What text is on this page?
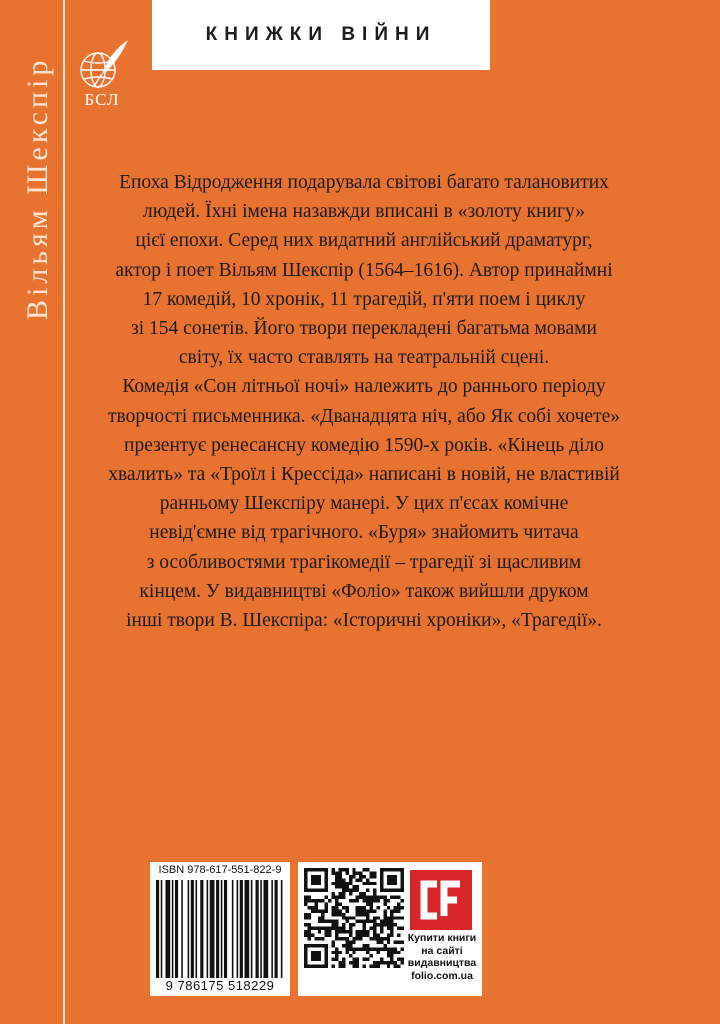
Вільям Шекспір БСЛ
КНИЖКИ ВІЙНИ

Епоха Відродження подарувала світові багато талановитих
людей. Їхні імена назавжди вписані в «золоту книгу»
цієї епохи. Серед них видатний англійський драматург,
актор і поет Вільям Шекспір (1564–1616). Автор принаймні
17 комедій, 10 хронік, 11 трагедій, п'яти поем і циклу
зі 154 сонетів. Його твори перекладені багатьма мовами
світу, їх часто ставлять на театральній сцені.
Комедія «Сон літньої ночі» належить до раннього періоду
творчості письменника. «Дванадцята ніч, або Як собі хочете»
презентує ренесансну комедію 1590-х років. «Кінець діло
хвалить» та «Троїл і Крессіда» написані в новій, не властивій
ранньому Шекспіру манері. У цих п'єсах комічне
невід'ємне від трагічного. «Буря» знайомить читача
з особливостями трагікомедії – трагедії зі щасливим
кінцем. У видавництві «Фоліо» також вийшли друком
інші твори В. Шекспіра: «Історичні хроніки», «Трагедії».

ISBN 978-617-551-822-9
9 786175 518229
Купити книги
на сайті
видавництва
folio.com.ua
